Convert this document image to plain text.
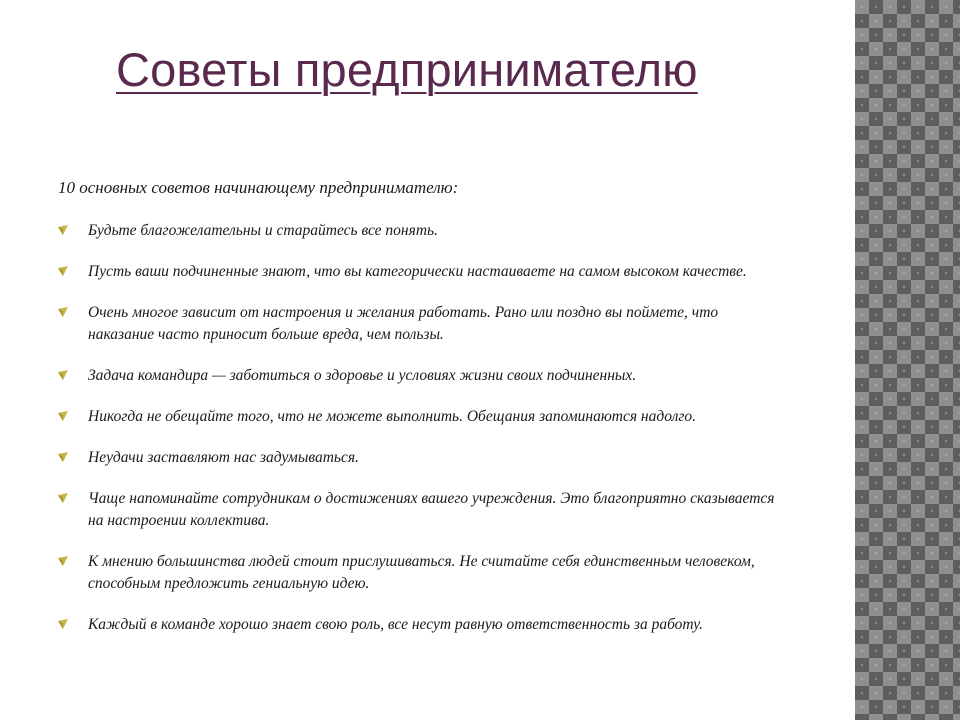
Советы предпринимателю

10 основных советов начинающему предпринимателю:

Будьте благожелательны и старайтесь все понять.
Пусть ваши подчиненные знают, что вы категорически настаиваете на самом высоком качестве.
Очень многое зависит от настроения и желания работать. Рано или поздно вы поймете, что наказание часто приносит больше вреда, чем пользы.
Задача командира — заботиться о здоровье и условиях жизни своих подчиненных.
Никогда не обещайте того, что не можете выполнить. Обещания запоминаются надолго.
Неудачи заставляют нас задумываться.
Чаще напоминайте сотрудникам о достижениях вашего учреждения. Это благоприятно сказывается на настроении коллектива.
К мнению большинства людей стоит прислушиваться. Не считайте себя единственным человеком, способным предложить гениальную идею.
Каждый в команде хорошо знает свою роль, все несут равную ответственность за работу.
